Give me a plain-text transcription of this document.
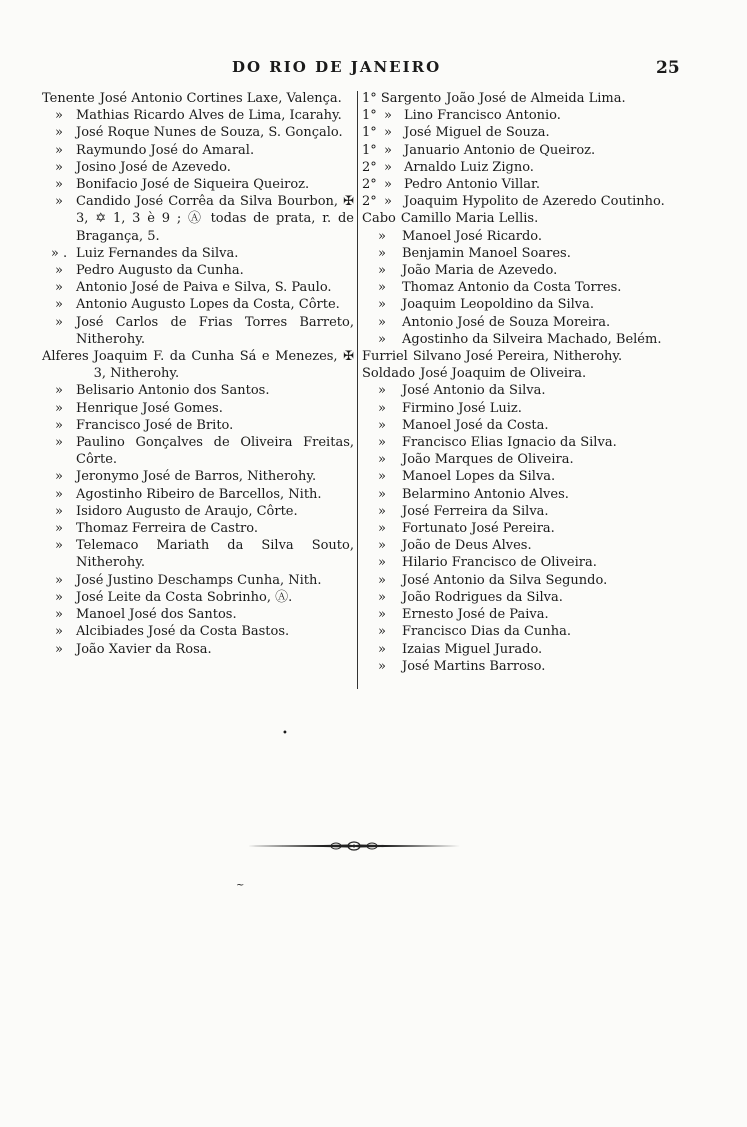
DO RIO DE JANEIRO	25
Tenente José Antonio Cortines Laxe, Valença.
»	Mathias Ricardo Alves de Lima, Icarahy.
»	José Roque Nunes de Souza, S. Gonçalo.
»	Raymundo José do Amaral.
»	Josino José de Azevedo.
»	Bonifacio José de Siqueira Queiroz.
»	Candido José Corrêa da Silva Bourbon, ✠ 3, ✡ 1, 3 è 9 ; Ⓐ todas de prata, r. de Bragança, 5.
» . Luiz Fernandes da Silva.
»	Pedro Augusto da Cunha.
»	Antonio José de Paiva e Silva, S. Paulo.
»	Antonio Augusto Lopes da Costa, Côrte.
»	José Carlos de Frias Torres Barreto, Nitherohy.
Alferes Joaquim F. da Cunha Sá e Menezes, ✠ 3, Nitherohy.
»	Belisario Antonio dos Santos.
»	Henrique José Gomes.
»	Francisco José de Brito.
»	Paulino Gonçalves de Oliveira Freitas, Côrte.
»	Jeronymo José de Barros, Nitherohy.
»	Agostinho Ribeiro de Barcellos, Nith.
»	Isidoro Augusto de Araujo, Côrte.
»	Thomaz Ferreira de Castro.
»	Telemaco Mariath da Silva Souto, Nitherohy.
»	José Justino Deschamps Cunha, Nith.
»	José Leite da Costa Sobrinho, Ⓐ.
»	Manoel José dos Santos.
»	Alcibiades José da Costa Bastos.
»	João Xavier da Rosa.
1° Sargento João José de Almeida Lima.
1° » Lino Francisco Antonio.
1° » José Miguel de Souza.
1° » Januario Antonio de Queiroz.
2° » Arnaldo Luiz Zigno.
2° » Pedro Antonio Villar.
2° » Joaquim Hypolito de Azeredo Coutinho.
Cabo Camillo Maria Lellis.
»	Manoel José Ricardo.
»	Benjamin Manoel Soares.
»	João Maria de Azevedo.
»	Thomaz Antonio da Costa Torres.
»	Joaquim Leopoldino da Silva.
»	Antonio José de Souza Moreira.
»	Agostinho da Silveira Machado, Belém.
Furriel Silvano José Pereira, Nitherohy.
Soldado José Joaquim de Oliveira.
»	José Antonio da Silva.
»	Firmino José Luiz.
»	Manoel José da Costa.
»	Francisco Elias Ignacio da Silva.
»	João Marques de Oliveira.
»	Manoel Lopes da Silva.
»	Belarmino Antonio Alves.
»	José Ferreira da Silva.
»	Fortunato José Pereira.
»	João de Deus Alves.
»	Hilario Francisco de Oliveira.
»	José Antonio da Silva Segundo.
»	João Rodrigues da Silva.
»	Ernesto José de Paiva.
»	Francisco Dias da Cunha.
»	Izaias Miguel Jurado.
»	José Martins Barroso.
•
~
